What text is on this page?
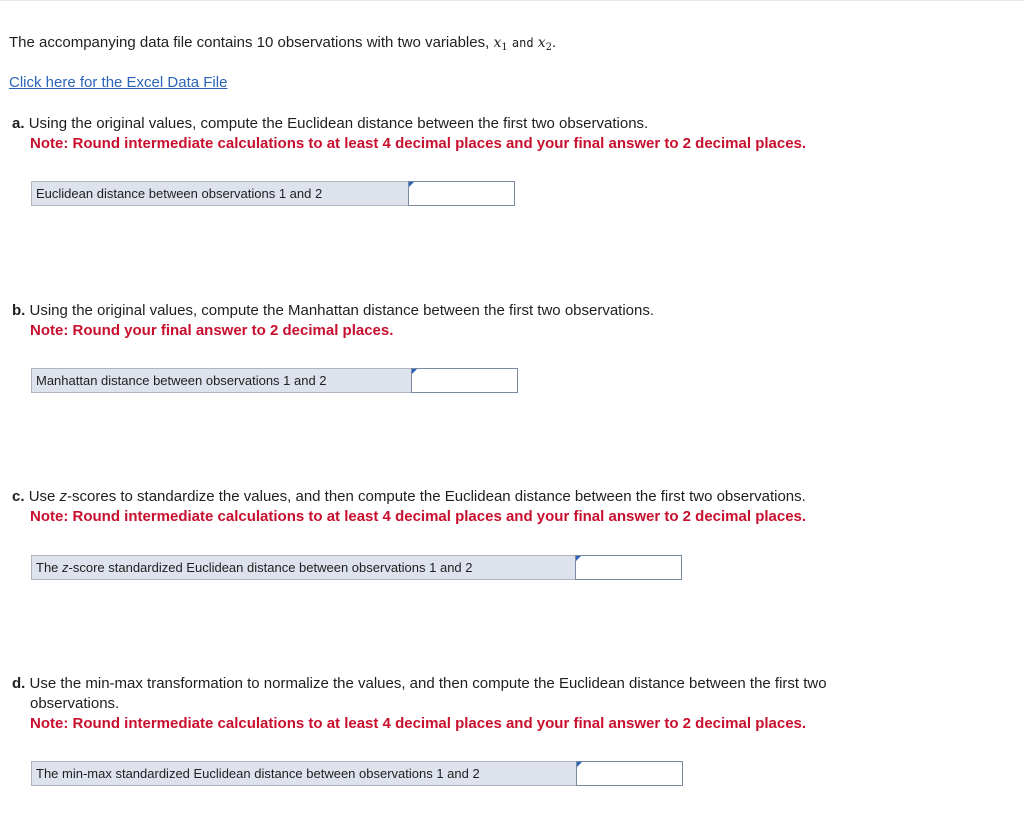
The accompanying data file contains 10 observations with two variables, $x_1$ and $x_2$.
Click here for the Excel Data File
a. Using the original values, compute the Euclidean distance between the first two observations.
Note: Round intermediate calculations to at least 4 decimal places and your final answer to 2 decimal places.
Euclidean distance between observations 1 and 2
b. Using the original values, compute the Manhattan distance between the first two observations.
Note: Round your final answer to 2 decimal places.
Manhattan distance between observations 1 and 2
c. Use z-scores to standardize the values, and then compute the Euclidean distance between the first two observations.
Note: Round intermediate calculations to at least 4 decimal places and your final answer to 2 decimal places.
The z-score standardized Euclidean distance between observations 1 and 2
d. Use the min-max transformation to normalize the values, and then compute the Euclidean distance between the first two
observations.
Note: Round intermediate calculations to at least 4 decimal places and your final answer to 2 decimal places.
The min-max standardized Euclidean distance between observations 1 and 2
